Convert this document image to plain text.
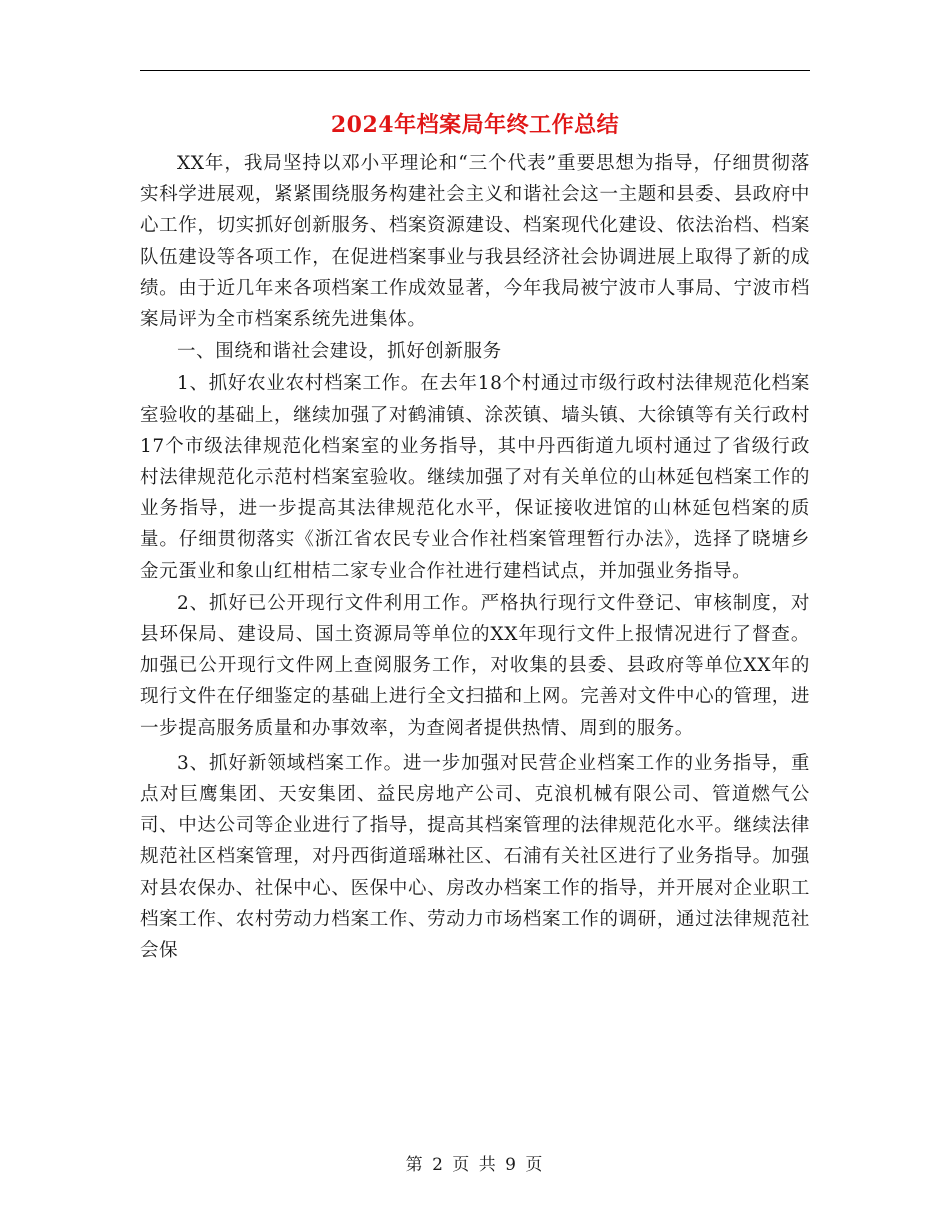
2024年档案局年终工作总结

XX年，我局坚持以邓小平理论和“三个代表”重要思想为指导，仔细贯彻落实科学进展观，紧紧围绕服务构建社会主义和谐社会这一主题和县委、县政府中心工作，切实抓好创新服务、档案资源建设、档案现代化建设、依法治档、档案队伍建设等各项工作，在促进档案事业与我县经济社会协调进展上取得了新的成绩。由于近几年来各项档案工作成效显著，今年我局被宁波市人事局、宁波市档案局评为全市档案系统先进集体。

一、围绕和谐社会建设，抓好创新服务

1、抓好农业农村档案工作。在去年18个村通过市级行政村法律规范化档案室验收的基础上，继续加强了对鹤浦镇、涂茨镇、墙头镇、大徐镇等有关行政村17个市级法律规范化档案室的业务指导，其中丹西街道九顷村通过了省级行政村法律规范化示范村档案室验收。继续加强了对有关单位的山林延包档案工作的业务指导，进一步提高其法律规范化水平，保证接收进馆的山林延包档案的质量。仔细贯彻落实《浙江省农民专业合作社档案管理暂行办法》，选择了晓塘乡金元蛋业和象山红柑桔二家专业合作社进行建档试点，并加强业务指导。

2、抓好已公开现行文件利用工作。严格执行现行文件登记、审核制度，对县环保局、建设局、国土资源局等单位的XX年现行文件上报情况进行了督查。加强已公开现行文件网上查阅服务工作，对收集的县委、县政府等单位XX年的现行文件在仔细鉴定的基础上进行全文扫描和上网。完善对文件中心的管理，进一步提高服务质量和办事效率，为查阅者提供热情、周到的服务。

3、抓好新领域档案工作。进一步加强对民营企业档案工作的业务指导，重点对巨鹰集团、天安集团、益民房地产公司、克浪机械有限公司、管道燃气公司、中达公司等企业进行了指导，提高其档案管理的法律规范化水平。继续法律规范社区档案管理，对丹西街道瑶琳社区、石浦有关社区进行了业务指导。加强对县农保办、社保中心、医保中心、房改办档案工作的指导，并开展对企业职工档案工作、农村劳动力档案工作、劳动力市场档案工作的调研，通过法律规范社会保

第 2 页 共 9 页
